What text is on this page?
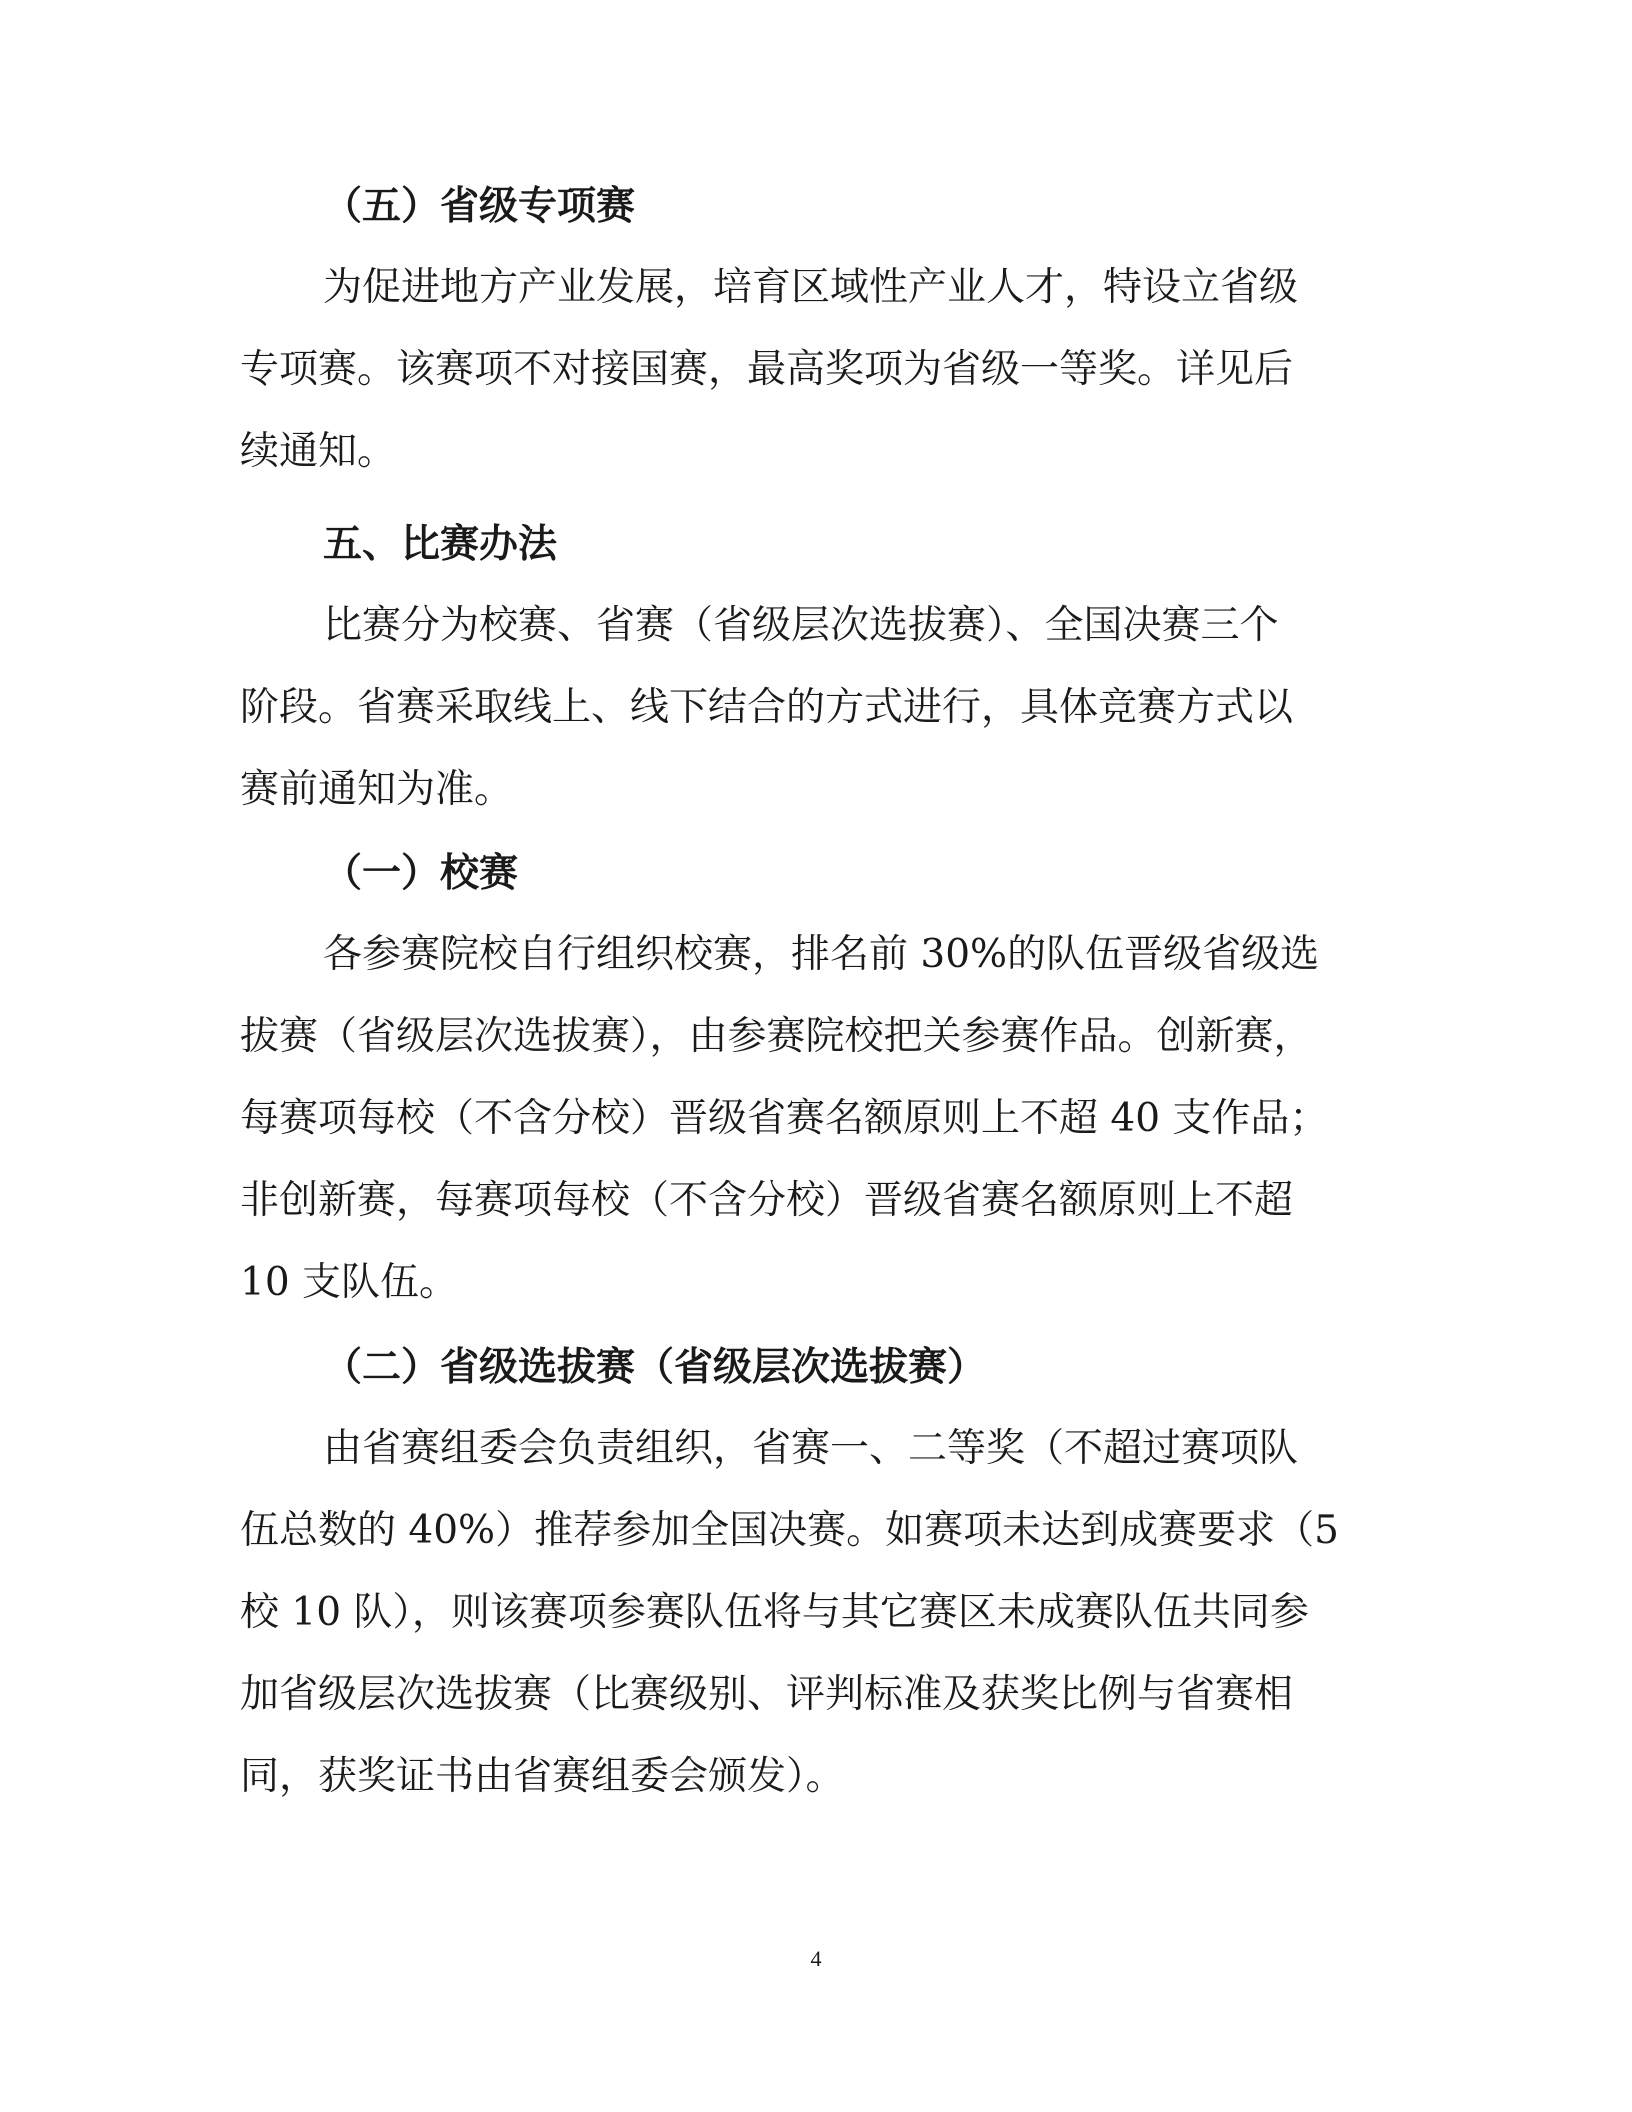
（五）省级专项赛
为促进地方产业发展，培育区域性产业人才，特设立省级
专项赛。该赛项不对接国赛，最高奖项为省级一等奖。详见后
续通知。
五、比赛办法
比赛分为校赛、省赛（省级层次选拔赛）、全国决赛三个
阶段。省赛采取线上、线下结合的方式进行，具体竞赛方式以
赛前通知为准。
（一）校赛
各参赛院校自行组织校赛，排名前 30%的队伍晋级省级选
拔赛（省级层次选拔赛），由参赛院校把关参赛作品。创新赛，
每赛项每校（不含分校）晋级省赛名额原则上不超 40 支作品；
非创新赛，每赛项每校（不含分校）晋级省赛名额原则上不超
10 支队伍。
（二）省级选拔赛（省级层次选拔赛）
由省赛组委会负责组织，省赛一、二等奖（不超过赛项队
伍总数的 40%）推荐参加全国决赛。如赛项未达到成赛要求（5
校 10 队），则该赛项参赛队伍将与其它赛区未成赛队伍共同参
加省级层次选拔赛（比赛级别、评判标准及获奖比例与省赛相
同，获奖证书由省赛组委会颁发）。
4
